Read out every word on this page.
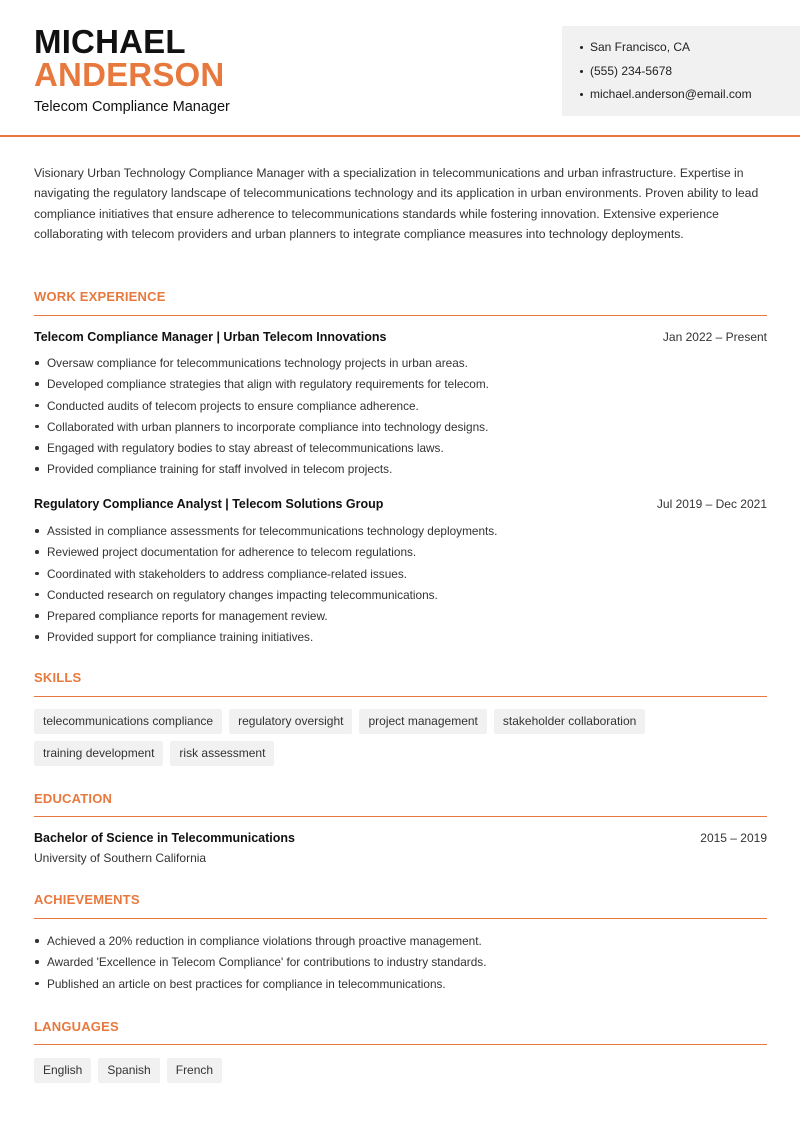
MICHAEL
ANDERSON
Telecom Compliance Manager
San Francisco, CA
(555) 234-5678
michael.anderson@email.com
Visionary Urban Technology Compliance Manager with a specialization in telecommunications and urban infrastructure. Expertise in navigating the regulatory landscape of telecommunications technology and its application in urban environments. Proven ability to lead compliance initiatives that ensure adherence to telecommunications standards while fostering innovation. Extensive experience collaborating with telecom providers and urban planners to integrate compliance measures into technology deployments.
WORK EXPERIENCE
Telecom Compliance Manager | Urban Telecom Innovations	Jan 2022 – Present
Oversaw compliance for telecommunications technology projects in urban areas.
Developed compliance strategies that align with regulatory requirements for telecom.
Conducted audits of telecom projects to ensure compliance adherence.
Collaborated with urban planners to incorporate compliance into technology designs.
Engaged with regulatory bodies to stay abreast of telecommunications laws.
Provided compliance training for staff involved in telecom projects.
Regulatory Compliance Analyst | Telecom Solutions Group	Jul 2019 – Dec 2021
Assisted in compliance assessments for telecommunications technology deployments.
Reviewed project documentation for adherence to telecom regulations.
Coordinated with stakeholders to address compliance-related issues.
Conducted research on regulatory changes impacting telecommunications.
Prepared compliance reports for management review.
Provided support for compliance training initiatives.
SKILLS
telecommunications compliance	regulatory oversight	project management	stakeholder collaboration
training development	risk assessment
EDUCATION
Bachelor of Science in Telecommunications	2015 – 2019
University of Southern California
ACHIEVEMENTS
Achieved a 20% reduction in compliance violations through proactive management.
Awarded 'Excellence in Telecom Compliance' for contributions to industry standards.
Published an article on best practices for compliance in telecommunications.
LANGUAGES
English	Spanish	French
